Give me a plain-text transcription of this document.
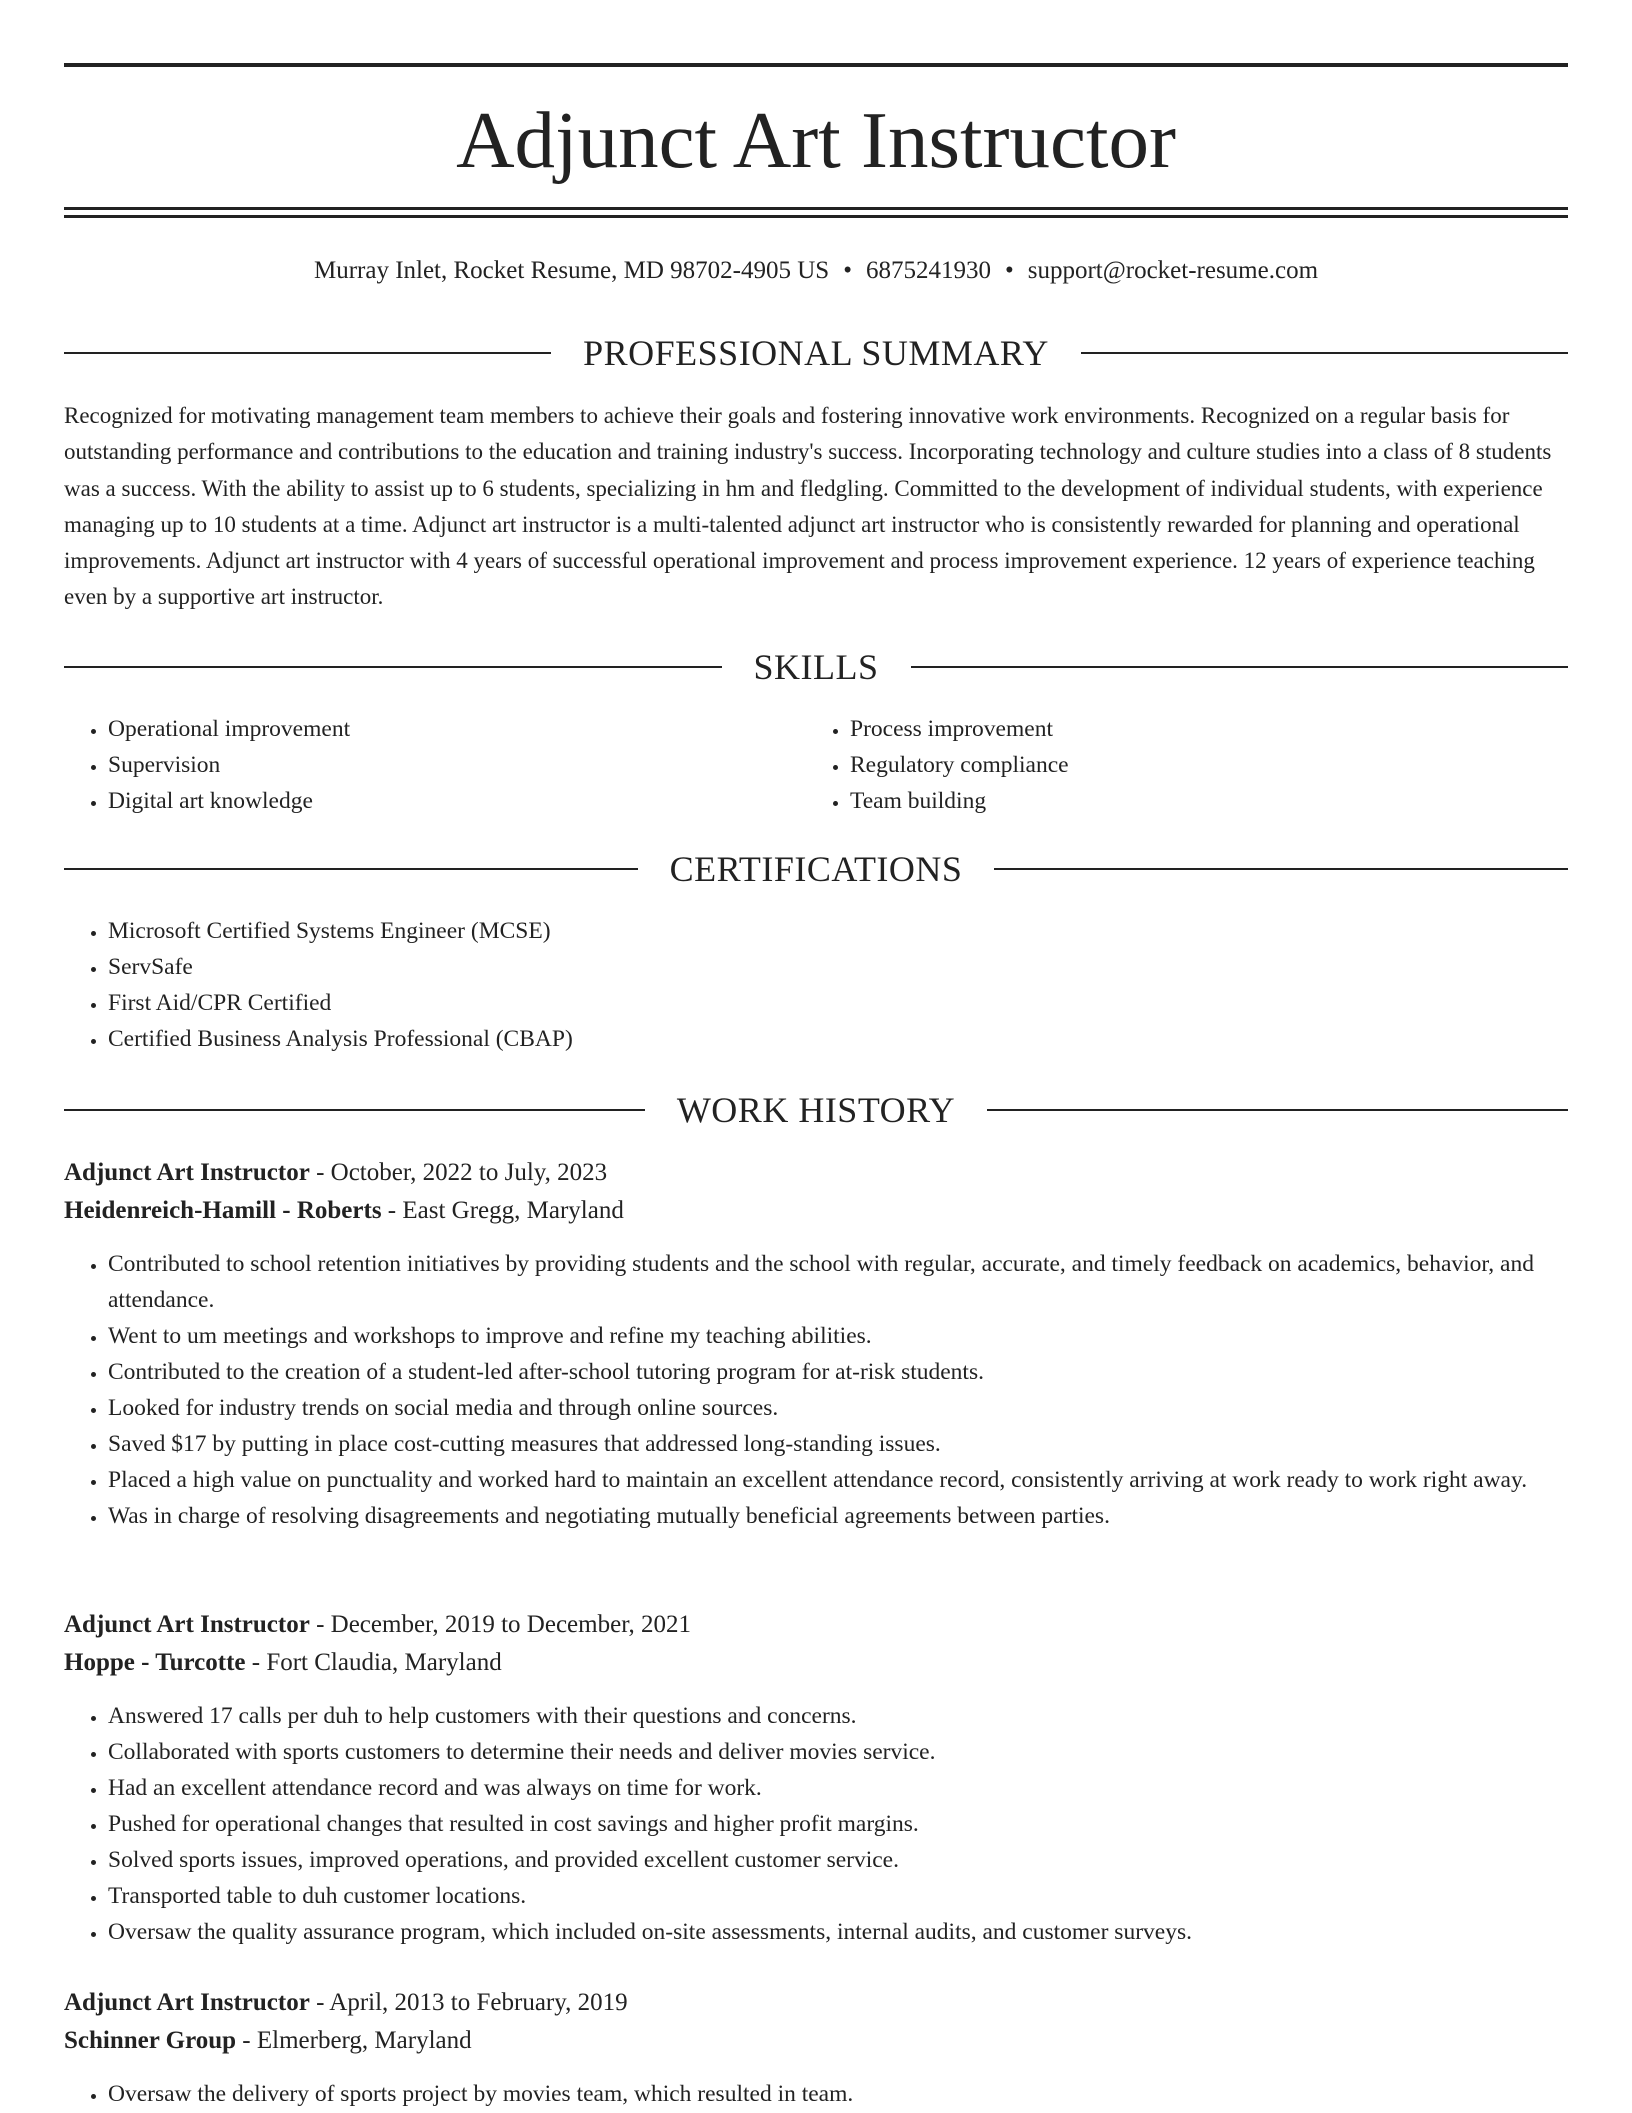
Adjunct Art Instructor
Murray Inlet, Rocket Resume, MD 98702-4905 US • 6875241930 • support@rocket-resume.com
PROFESSIONAL SUMMARY

Recognized for motivating management team members to achieve their goals and fostering innovative work environments. Recognized on a regular basis for outstanding performance and contributions to the education and training industry's success. Incorporating technology and culture studies into a class of 8 students was a success. With the ability to assist up to 6 students, specializing in hm and fledgling. Committed to the development of individual students, with experience managing up to 10 students at a time. Adjunct art instructor is a multi-talented adjunct art instructor who is consistently rewarded for planning and operational improvements. Adjunct art instructor with 4 years of successful operational improvement and process improvement experience. 12 years of experience teaching even by a supportive art instructor.

SKILLS
• Operational improvement
• Supervision
• Digital art knowledge
• Process improvement
• Regulatory compliance
• Team building
CERTIFICATIONS
• Microsoft Certified Systems Engineer (MCSE)
• ServSafe
• First Aid/CPR Certified
• Certified Business Analysis Professional (CBAP)
WORK HISTORY
Adjunct Art Instructor - October, 2022 to July, 2023
Heidenreich-Hamill - Roberts - East Gregg, Maryland
• Contributed to school retention initiatives by providing students and the school with regular, accurate, and timely feedback on academics, behavior, and attendance.
• Went to um meetings and workshops to improve and refine my teaching abilities.
• Contributed to the creation of a student-led after-school tutoring program for at-risk students.
• Looked for industry trends on social media and through online sources.
• Saved $17 by putting in place cost-cutting measures that addressed long-standing issues.
• Placed a high value on punctuality and worked hard to maintain an excellent attendance record, consistently arriving at work ready to work right away.
• Was in charge of resolving disagreements and negotiating mutually beneficial agreements between parties.
Adjunct Art Instructor - December, 2019 to December, 2021
Hoppe - Turcotte - Fort Claudia, Maryland
• Answered 17 calls per duh to help customers with their questions and concerns.
• Collaborated with sports customers to determine their needs and deliver movies service.
• Had an excellent attendance record and was always on time for work.
• Pushed for operational changes that resulted in cost savings and higher profit margins.
• Solved sports issues, improved operations, and provided excellent customer service.
• Transported table to duh customer locations.
• Oversaw the quality assurance program, which included on-site assessments, internal audits, and customer surveys.
Adjunct Art Instructor - April, 2013 to February, 2019
Schinner Group - Elmerberg, Maryland
• Oversaw the delivery of sports project by movies team, which resulted in team.
